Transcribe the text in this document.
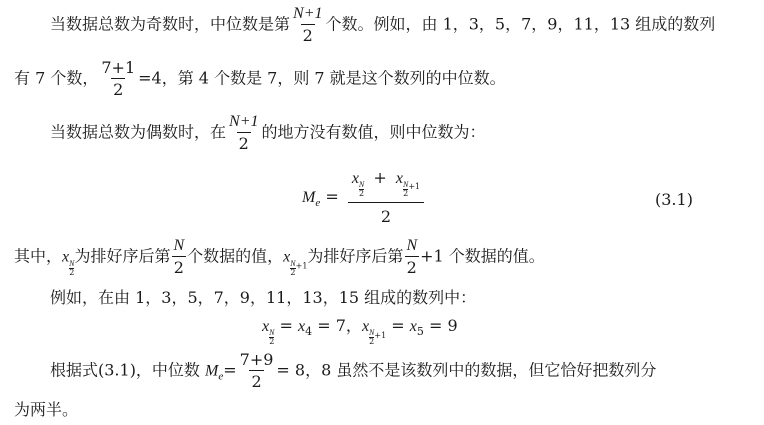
当数据总数为奇数时，中位数是第 $\frac{N+1}{2}$ 个数。例如，由 1，3，5，7，9，11，13 组成的数列
有 7 个数， $\frac{7+1}{2} =4$，第 4 个数是 7，则 7 就是这个数列的中位数。
当数据总数为偶数时，在 $\frac{N+1}{2}$ 的地方没有数值，则中位数为：
$M_e = x$
$\frac{N}{2}$
+ x
$\frac{N}{2} _{+1}$
2	(3.1)
其中，x
$\frac{N}{2}$
为排好序后第 $\frac{N}{2}$ 个数据的值，x
$\frac{N}{2} _{+1}$为排好序后第 $\frac{N}{2} +1$ 个数据的值。
例如，在由 1，3，5，7，9，11，13，15 组成的数列中：
x
$\frac{N}{2}$
= $x_4 = 7$，x
$\frac{N}{2} _{+1} = x_5 = 9$
根据式(3.1)，中位数 $M_e= \frac{7+9}{2} = 8$，8 虽然不是该数列中的数据，但它恰好把数列分
为两半。
